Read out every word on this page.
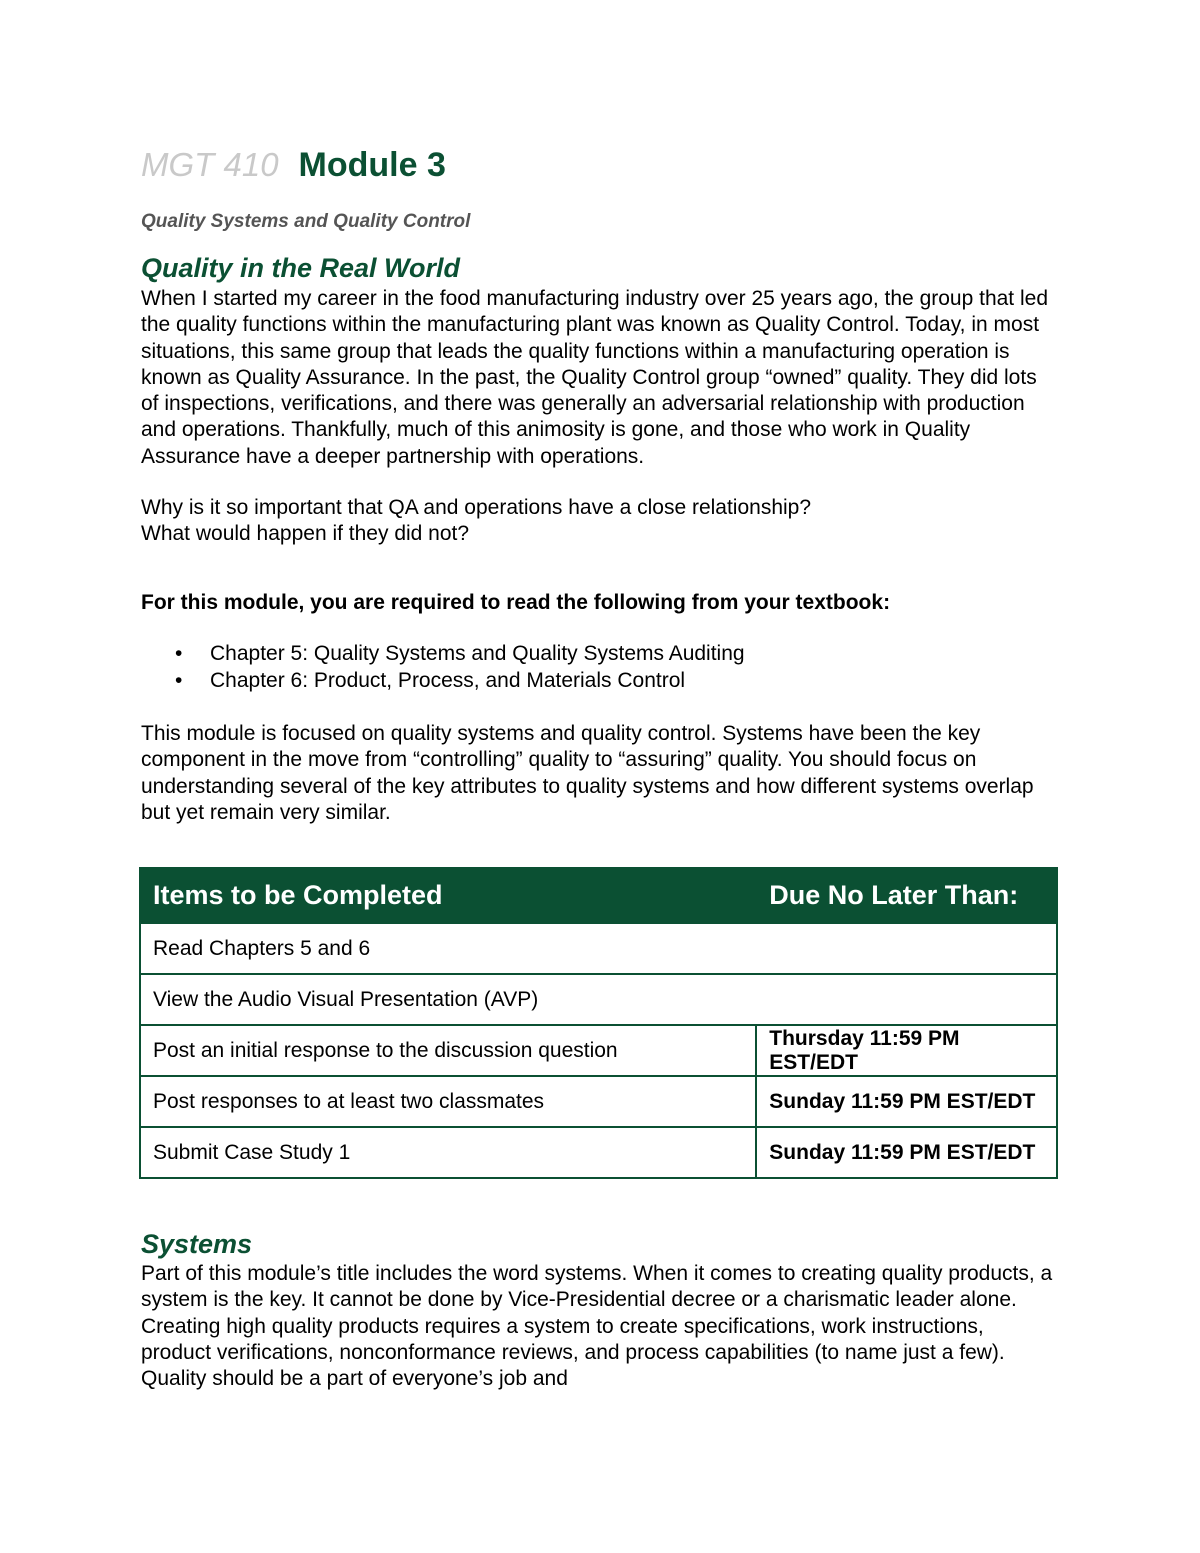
MGT 410 Module 3
Quality Systems and Quality Control
Quality in the Real World

When I started my career in the food manufacturing industry over 25 years ago, the group that led the quality functions within the manufacturing plant was known as Quality Control. Today, in most situations, this same group that leads the quality functions within a manufacturing operation is known as Quality Assurance. In the past, the Quality Control group “owned” quality. They did lots of inspections, verifications, and there was generally an adversarial relationship with production and operations. Thankfully, much of this animosity is gone, and those who work in Quality Assurance have a deeper partnership with operations.

Why is it so important that QA and operations have a close relationship?

What would happen if they did not?

For this module, you are required to read the following from your textbook:

• Chapter 5: Quality Systems and Quality Systems Auditing
• Chapter 6: Product, Process, and Materials Control

This module is focused on quality systems and quality control. Systems have been the key component in the move from “controlling” quality to “assuring” quality. You should focus on understanding several of the key attributes to quality systems and how different systems overlap but yet remain very similar.

Items to be Completed	Due No Later Than:
Read Chapters 5 and 6	
View the Audio Visual Presentation (AVP)	
Post an initial response to the discussion question	Thursday 11:59 PM EST/EDT
Post responses to at least two classmates	Sunday 11:59 PM EST/EDT
Submit Case Study 1	Sunday 11:59 PM EST/EDT
Systems

Part of this module’s title includes the word systems. When it comes to creating quality products, a system is the key. It cannot be done by Vice-Presidential decree or a charismatic leader alone. Creating high quality products requires a system to create specifications, work instructions, product verifications, nonconformance reviews, and process capabilities (to name just a few). Quality should be a part of everyone’s job and
